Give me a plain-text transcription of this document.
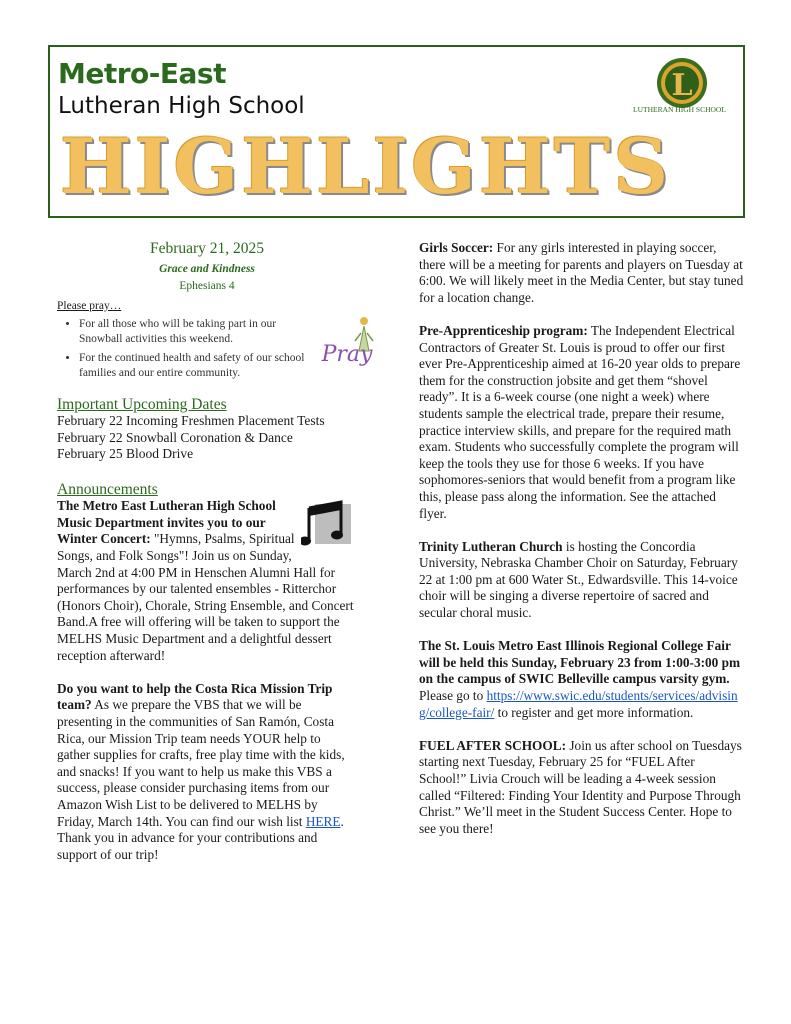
Metro-East
Lutheran High School
HIGHLIGHTS
L
LUTHERAN HIGH SCHOOL
February 21, 2025
Grace and Kindness
Ephesians 4
Please pray…
• For all those who will be taking part in our Snowball activities this weekend.
• For the continued health and safety of our school families and our entire community.
Pray
Important Upcoming Dates

February 22 Incoming Freshmen Placement Tests

February 22 Snowball Coronation & Dance

February 25 Blood Drive

Announcements

The Metro East Lutheran High School Music Department invites you to our Winter Concert: "Hymns, Psalms, Spiritual Songs, and Folk Songs"! Join us on Sunday, March 2nd at 4:00 PM in Henschen Alumni Hall for performances by our talented ensembles - Ritterchor (Honors Choir), Chorale, String Ensemble, and Concert Band.A free will offering will be taken to support the MELHS Music Department and a delightful dessert reception afterward!

Do you want to help the Costa Rica Mission Trip team? As we prepare the VBS that we will be presenting in the communities of San Ramón, Costa Rica, our Mission Trip team needs YOUR help to gather supplies for crafts, free play time with the kids, and snacks! If you want to help us make this VBS a success, please consider purchasing items from our Amazon Wish List to be delivered to MELHS by Friday, March 14th. You can find our wish list HERE. Thank you in advance for your contributions and support of our trip!

Girls Soccer: For any girls interested in playing soccer, there will be a meeting for parents and players on Tuesday at 6:00. We will likely meet in the Media Center, but stay tuned for a location change.

Pre-Apprenticeship program: The Independent Electrical Contractors of Greater St. Louis is proud to offer our first ever Pre-Apprenticeship aimed at 16-20 year olds to prepare them for the construction jobsite and get them “shovel ready”. It is a 6-week course (one night a week) where students sample the electrical trade, prepare their resume, practice interview skills, and prepare for the required math exam. Students who successfully complete the program will keep the tools they use for those 6 weeks. If you have sophomores-seniors that would benefit from a program like this, please pass along the information. See the attached flyer.

Trinity Lutheran Church is hosting the Concordia University, Nebraska Chamber Choir on Saturday, February 22 at 1:00 pm at 600 Water St., Edwardsville. This 14-voice choir will be singing a diverse repertoire of sacred and secular choral music.

The St. Louis Metro East Illinois Regional College Fair will be held this Sunday, February 23 from 1:00-3:00 pm on the campus of SWIC Belleville campus varsity gym. Please go to https://www.swic.edu/students/services/advising/college-fair/ to register and get more information.

FUEL AFTER SCHOOL: Join us after school on Tuesdays starting next Tuesday, February 25 for “FUEL After School!” Livia Crouch will be leading a 4-week session called “Filtered: Finding Your Identity and Purpose Through Christ.” We’ll meet in the Student Success Center. Hope to see you there!
